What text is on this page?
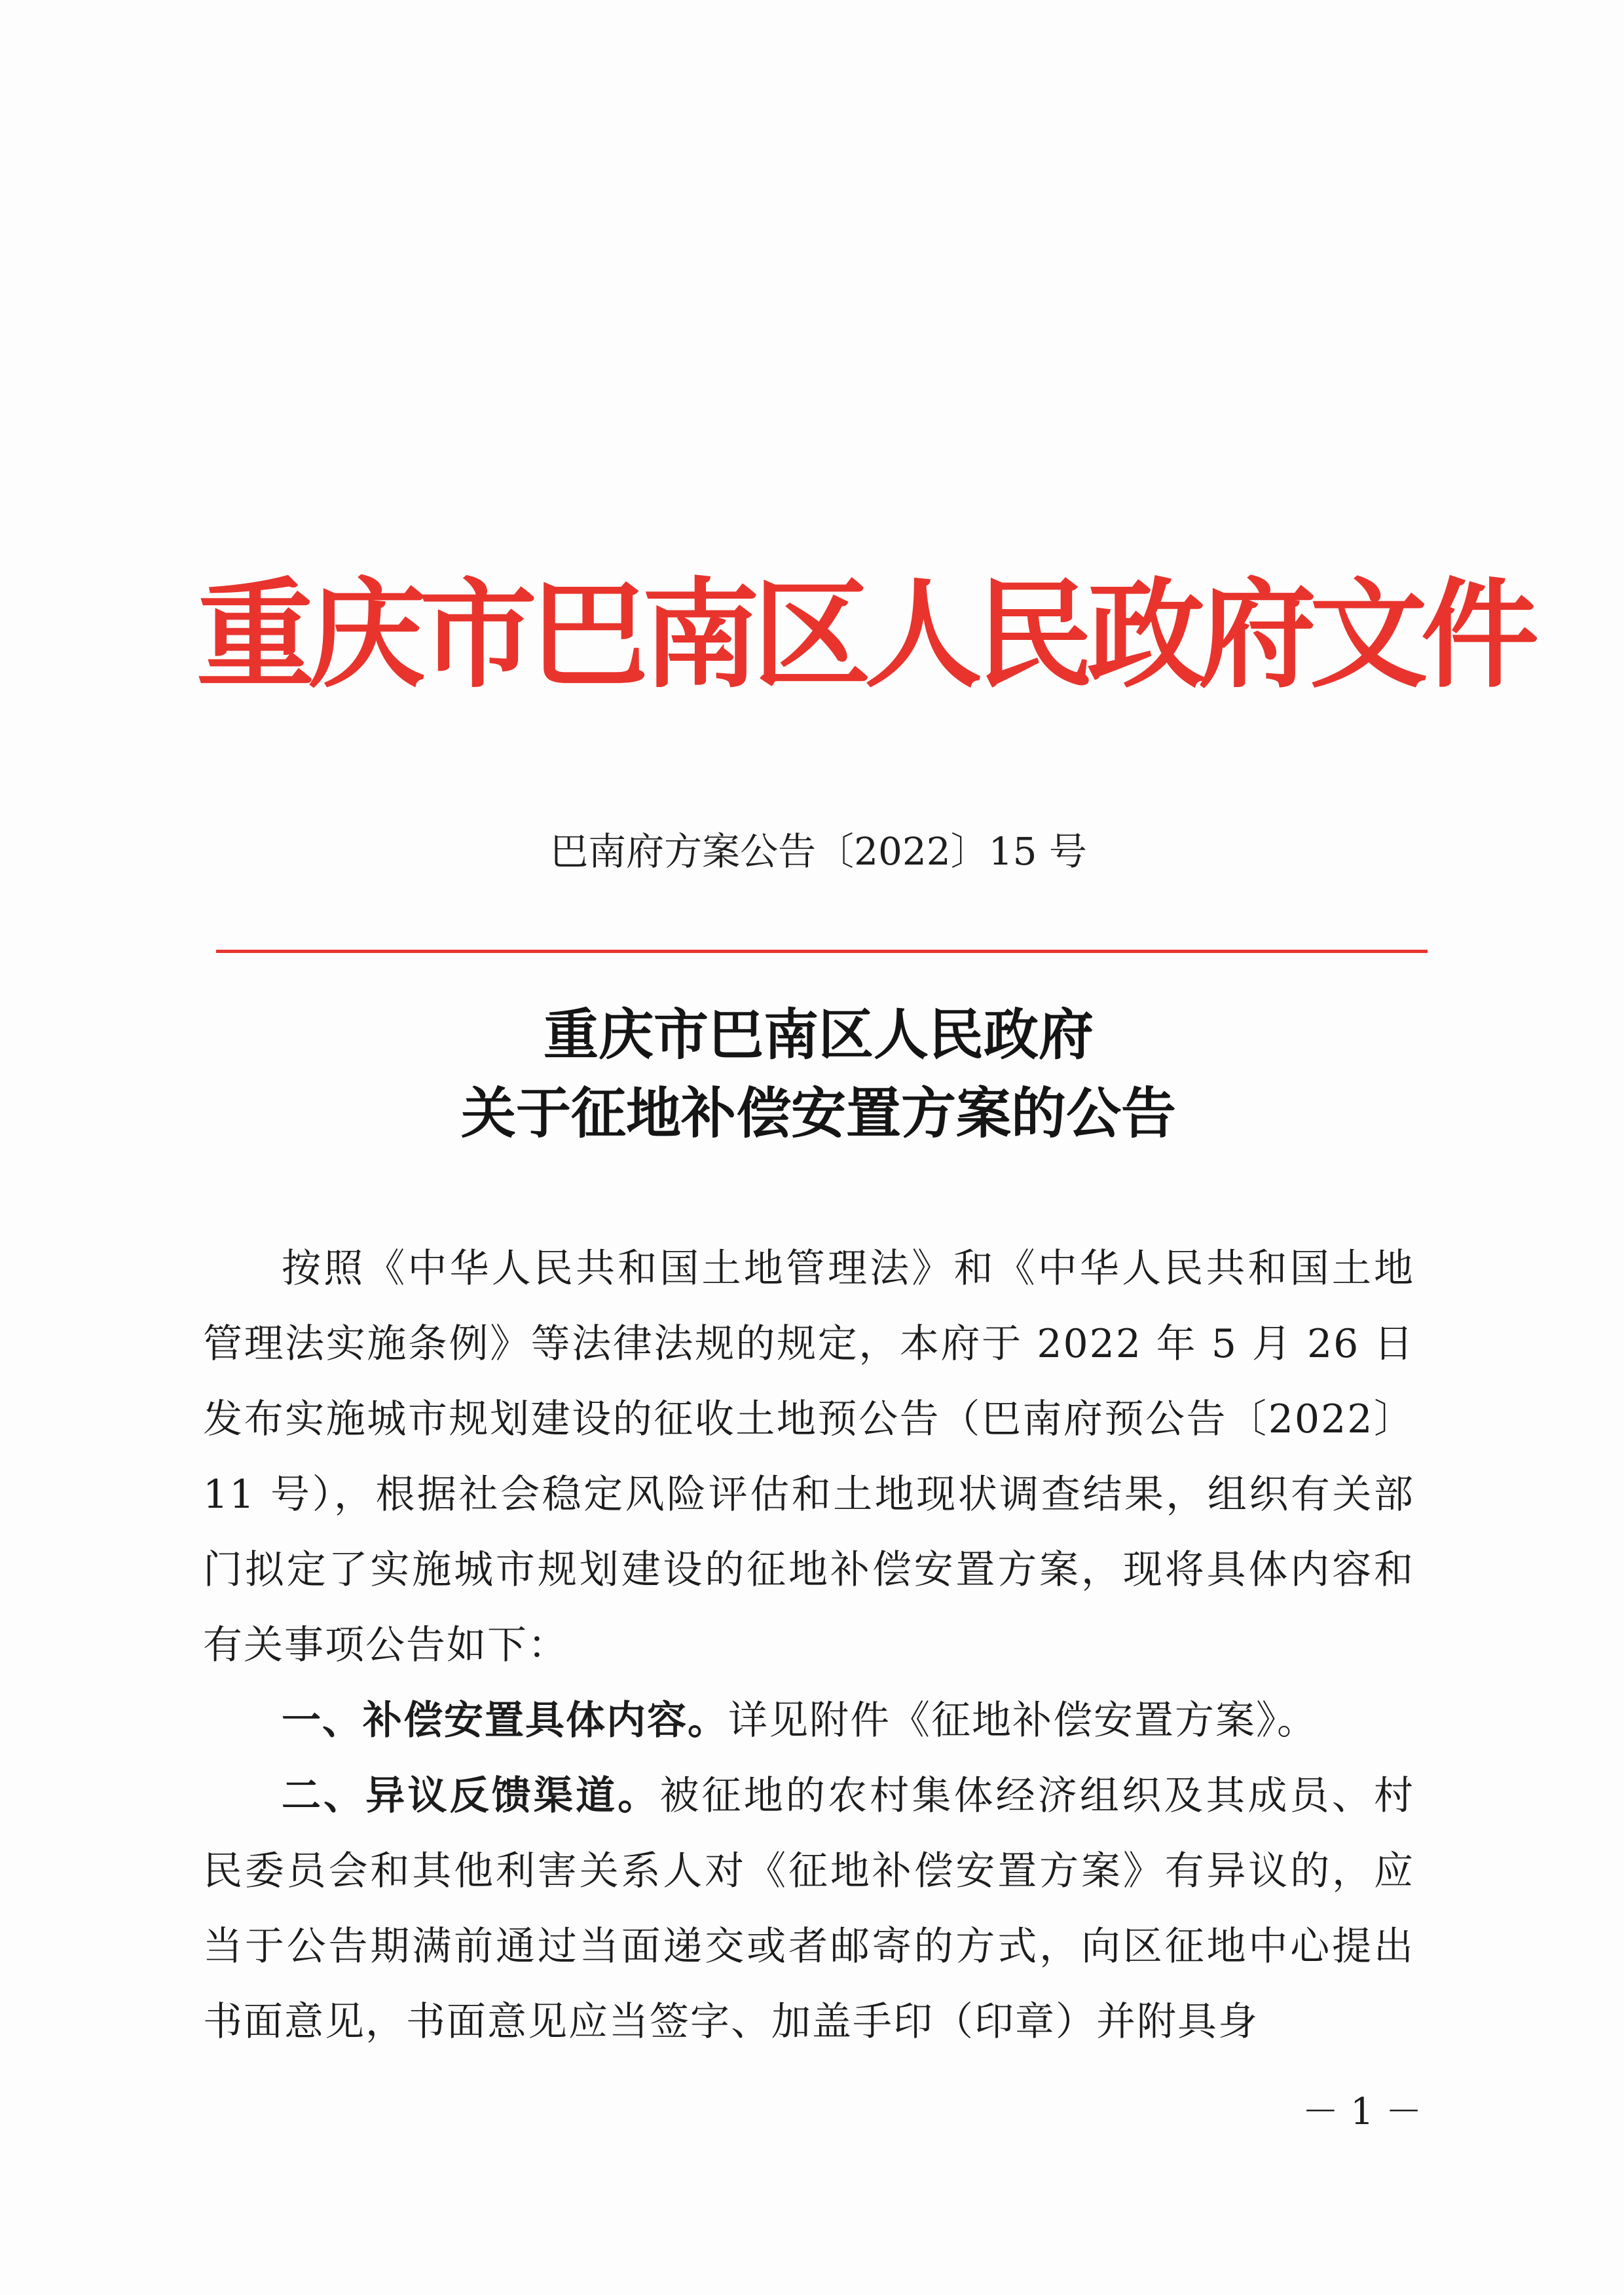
重庆市巴南区人民政府文件
巴南府方案公告〔2022〕15 号
重庆市巴南区人民政府
关于征地补偿安置方案的公告

按照《中华人民共和国土地管理法》和《中华人民共和国土地管理法实施条例》等法律法规的规定，本府于 2022 年 5 月 26 日发布实施城市规划建设的征收土地预公告（巴南府预公告〔2022〕11 号），根据社会稳定风险评估和土地现状调查结果，组织有关部门拟定了实施城市规划建设的征地补偿安置方案，现将具体内容和有关事项公告如下：

一、补偿安置具体内容。详见附件《征地补偿安置方案》。

二、异议反馈渠道。被征地的农村集体经济组织及其成员、村民委员会和其他利害关系人对《征地补偿安置方案》有异议的，应当于公告期满前通过当面递交或者邮寄的方式，向区征地中心提出书面意见，书面意见应当签字、加盖手印（印章）并附具身

－ 1 －
